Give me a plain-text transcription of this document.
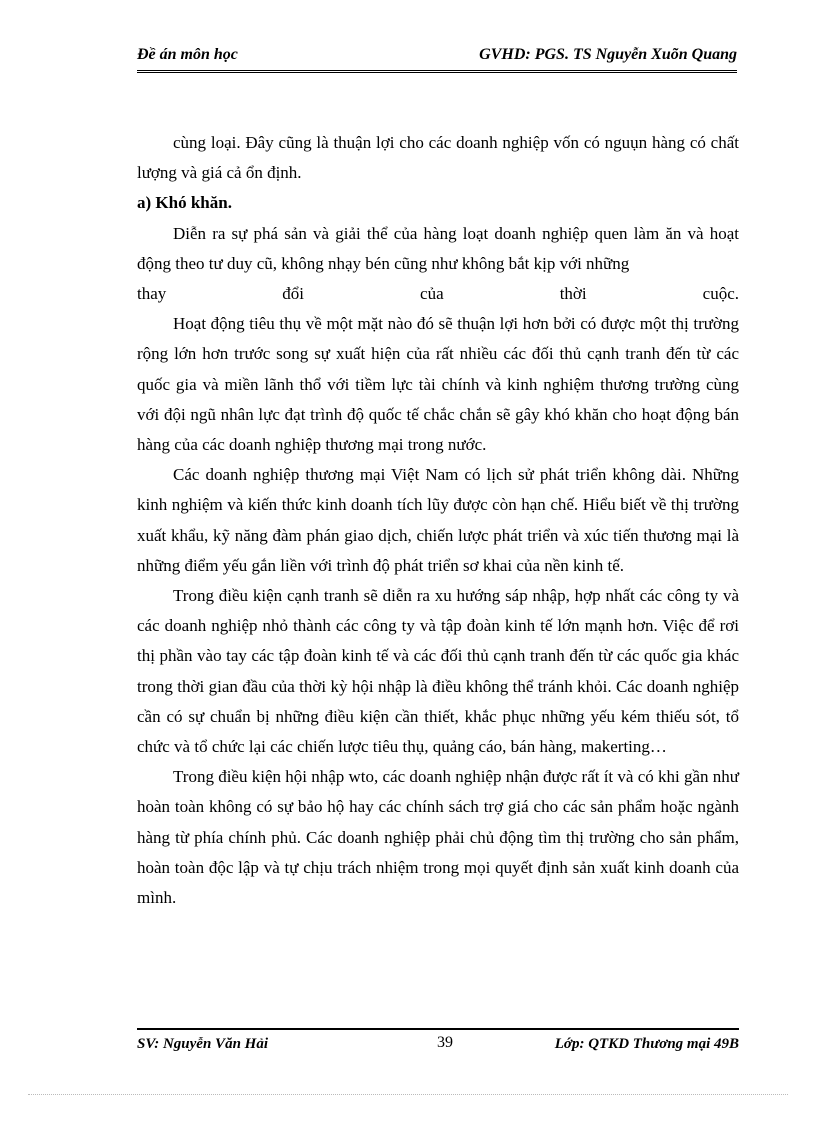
Đề án môn học	GVHD: PGS. TS Nguyễn Xuõn Quang

cùng loại. Đây cũng là thuận lợi cho các doanh nghiệp vốn có nguụn hàng có chất lượng và giá cả ổn định.

a) Khó khăn.

Diễn ra sự phá sản và giải thể của hàng loạt doanh nghiệp quen làm ăn và hoạt động theo tư duy cũ, không nhạy bén cũng như không bắt kịp với những

thay đổi của thời cuộc.

Hoạt động tiêu thụ về một mặt nào đó sẽ thuận lợi hơn bởi có được một thị trường rộng lớn hơn trước song sự xuất hiện của rất nhiều các đối thủ cạnh tranh đến từ các quốc gia và miền lãnh thổ với tiềm lực tài chính và kinh nghiệm thương trường cùng với đội ngũ nhân lực đạt trình độ quốc tế chắc chắn sẽ gây khó khăn cho hoạt động bán hàng của các doanh nghiệp thương mại trong nước.

Các doanh nghiệp thương mại Việt Nam có lịch sử phát triển không dài. Những kinh nghiệm và kiến thức kinh doanh tích lũy được còn hạn chế. Hiểu biết về thị trường xuất khẩu, kỹ năng đàm phán giao dịch, chiến lược phát triển và xúc tiến thương mại là những điểm yếu gắn liền với trình độ phát triển sơ khai của nền kinh tế.

Trong điều kiện cạnh tranh sẽ diễn ra xu hướng sáp nhập, hợp nhất các công ty và các doanh nghiệp nhỏ thành các công ty và tập đoàn kinh tế lớn mạnh hơn. Việc để rơi thị phần vào tay các tập đoàn kinh tế và các đối thủ cạnh tranh đến từ các quốc gia khác trong thời gian đầu của thời kỳ hội nhập là điều không thể tránh khỏi. Các doanh nghiệp cần có sự chuẩn bị những điều kiện cần thiết, khắc phục những yếu kém thiếu sót, tổ chức và tổ chức lại các chiến lược tiêu thụ, quảng cáo, bán hàng, makerting…

Trong điều kiện hội nhập wto, các doanh nghiệp nhận được rất ít và có khi gần như hoàn toàn không có sự bảo hộ hay các chính sách trợ giá cho các sản phẩm hoặc ngành hàng từ phía chính phủ. Các doanh nghiệp phải chủ động tìm thị trường cho sản phẩm, hoàn toàn độc lập và tự chịu trách nhiệm trong mọi quyết định sản xuất kinh doanh của mình.

SV: Nguyễn Văn Hải	39	Lớp: QTKD Thương mại 49B
